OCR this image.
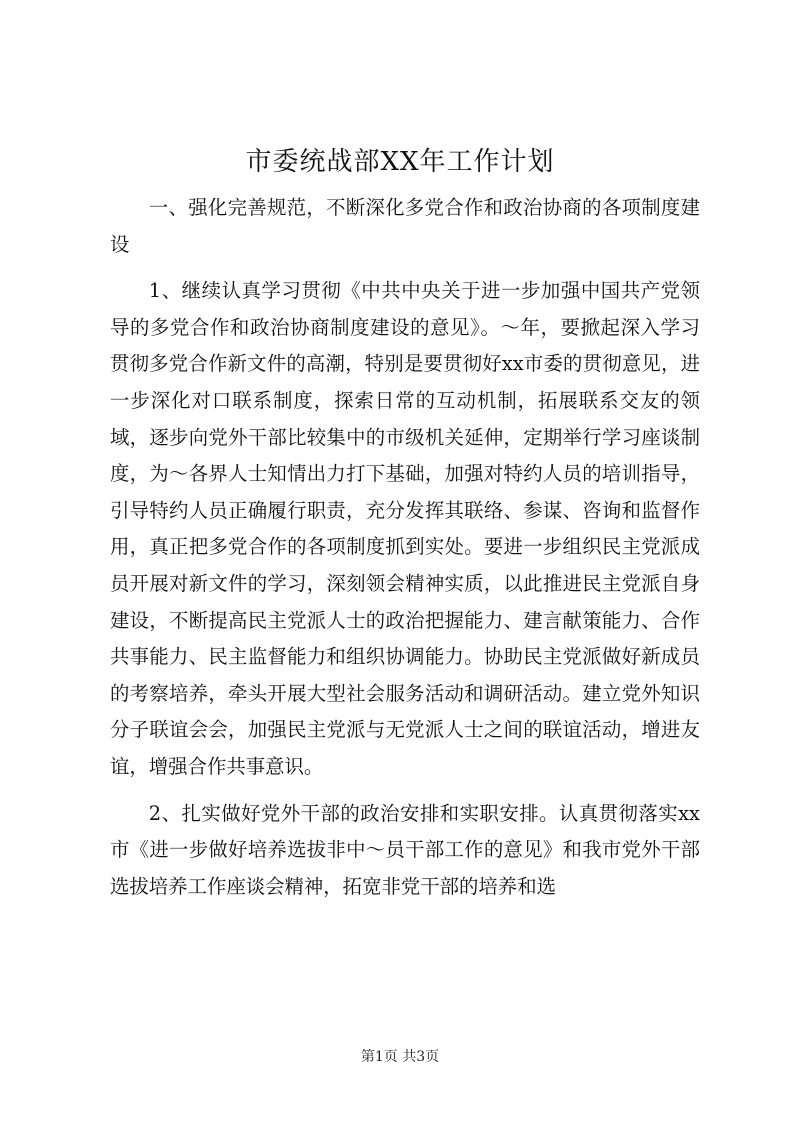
市委统战部XX年工作计划

一、强化完善规范，不断深化多党合作和政治协商的各项制度建设

1、继续认真学习贯彻《中共中央关于进一步加强中国共产党领导的多党合作和政治协商制度建设的意见》。～年，要掀起深入学习贯彻多党合作新文件的高潮，特别是要贯彻好xx市委的贯彻意见，进一步深化对口联系制度，探索日常的互动机制，拓展联系交友的领域，逐步向党外干部比较集中的市级机关延伸，定期举行学习座谈制度，为～各界人士知情出力打下基础，加强对特约人员的培训指导，引导特约人员正确履行职责，充分发挥其联络、参谋、咨询和监督作用，真正把多党合作的各项制度抓到实处。要进一步组织民主党派成员开展对新文件的学习，深刻领会精神实质，以此推进民主党派自身建设，不断提高民主党派人士的政治把握能力、建言献策能力、合作共事能力、民主监督能力和组织协调能力。协助民主党派做好新成员的考察培养，牵头开展大型社会服务活动和调研活动。建立党外知识分子联谊会会，加强民主党派与无党派人士之间的联谊活动，增进友谊，增强合作共事意识。

2、扎实做好党外干部的政治安排和实职安排。认真贯彻落实xx市《进一步做好培养选拔非中～员干部工作的意见》和我市党外干部选拔培养工作座谈会精神，拓宽非党干部的培养和选

第1页 共3页
